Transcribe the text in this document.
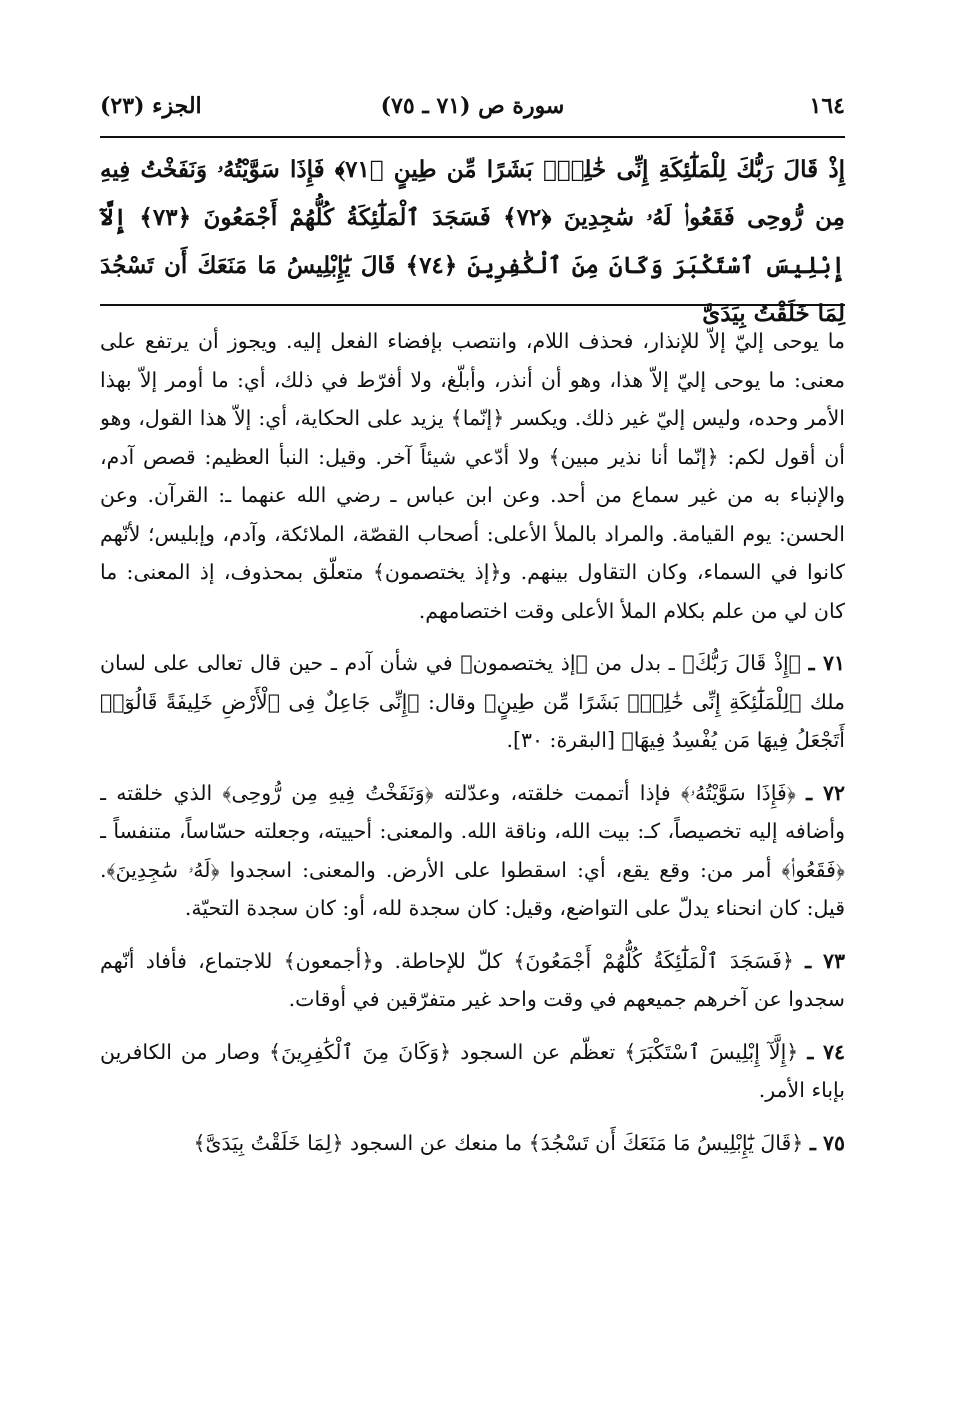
١٦٤
سورة ص (٧١ ـ ٧٥)
الجزء (٢٣)
إِذْ قَالَ رَبُّكَ لِلْمَلَٰٓئِكَةِ إِنِّى خَٰلِقٌۢ بَشَرًا مِّن طِينٍ ﴿٧١﴾ فَإِذَا سَوَّيْتُهُۥ وَنَفَخْتُ فِيهِ مِن رُّوحِى فَقَعُوا۟ لَهُۥ سَٰجِدِينَ ﴿٧٢﴾ فَسَجَدَ ٱلْمَلَٰٓئِكَةُ كُلُّهُمْ أَجْمَعُونَ ﴿٧٣﴾ إِلَّآ إِبْلِيسَ ٱسْتَكْبَرَ وَكَانَ مِنَ ٱلْكَٰفِرِينَ ﴿٧٤﴾ قَالَ يَٰٓإِبْلِيسُ مَا مَنَعَكَ أَن تَسْجُدَ لِمَا خَلَقْتُ بِيَدَىَّ

ما يوحى إليّ إلاّ للإنذار، فحذف اللام، وانتصب بإفضاء الفعل إليه. ويجوز أن يرتفع على معنى: ما يوحى إليّ إلاّ هذا، وهو أن أنذر، وأبلّغ، ولا أفرّط في ذلك، أي: ما أومر إلاّ بهذا الأمر وحده، وليس إليّ غير ذلك. ويكسر ﴿إنّما﴾ يزيد على الحكاية، أي: إلاّ هذا القول، وهو أن أقول لكم: ﴿إنّما أنا نذير مبين﴾ ولا أدّعي شيئاً آخر. وقيل: النبأ العظيم: قصص آدم، والإنباء به من غير سماع من أحد. وعن ابن عباس ـ رضي الله عنهما ـ: القرآن. وعن الحسن: يوم القيامة. والمراد بالملأ الأعلى: أصحاب القصّة، الملائكة، وآدم، وإبليس؛ لأنّهم كانوا في السماء، وكان التقاول بينهم. و﴿إذ يختصمون﴾ متعلّق بمحذوف، إذ المعنى: ما كان لي من علم بكلام الملأ الأعلى وقت اختصامهم.

٧١ ـ ﴿إِذْ قَالَ رَبُّكَ﴾ ـ بدل من ﴿إذ يختصمون﴾ في شأن آدم ـ حين قال تعالى على لسان ملك ﴿لِلْمَلَٰٓئِكَةِ إِنِّى خَٰلِقٌۢ بَشَرًا مِّن طِينٍ﴾ وقال: ﴿إِنِّى جَاعِلٌ فِى ٱلْأَرْضِ خَلِيفَةً قَالُوٓا۟ أَتَجْعَلُ فِيهَا مَن يُفْسِدُ فِيهَا﴾ [البقرة: ٣٠].

٧٢ ـ ﴿فَإِذَا سَوَّيْتُهُۥ﴾ فإذا أتممت خلقته، وعدّلته ﴿وَنَفَخْتُ فِيهِ مِن رُّوحِى﴾ الذي خلقته ـ وأضافه إليه تخصيصاً، كـ: بيت الله، وناقة الله. والمعنى: أحييته، وجعلته حسّاساً، متنفساً ـ ﴿فَقَعُوا۟﴾ أمر من: وقع يقع، أي: اسقطوا على الأرض. والمعنى: اسجدوا ﴿لَهُۥ سَٰجِدِينَ﴾. قيل: كان انحناء يدلّ على التواضع، وقيل: كان سجدة لله، أو: كان سجدة التحيّة.

٧٣ ـ ﴿فَسَجَدَ ٱلْمَلَٰٓئِكَةُ كُلُّهُمْ أَجْمَعُونَ﴾ كلّ للإحاطة. و﴿أجمعون﴾ للاجتماع، فأفاد أنّهم سجدوا عن آخرهم جميعهم في وقت واحد غير متفرّقين في أوقات.

٧٤ ـ ﴿إِلَّآ إِبْلِيسَ ٱسْتَكْبَرَ﴾ تعظّم عن السجود ﴿وَكَانَ مِنَ ٱلْكَٰفِرِينَ﴾ وصار من الكافرين بإباء الأمر.

٧٥ ـ ﴿قَالَ يَٰٓإِبْلِيسُ مَا مَنَعَكَ أَن تَسْجُدَ﴾ ما منعك عن السجود ﴿لِمَا خَلَقْتُ بِيَدَىَّ﴾
